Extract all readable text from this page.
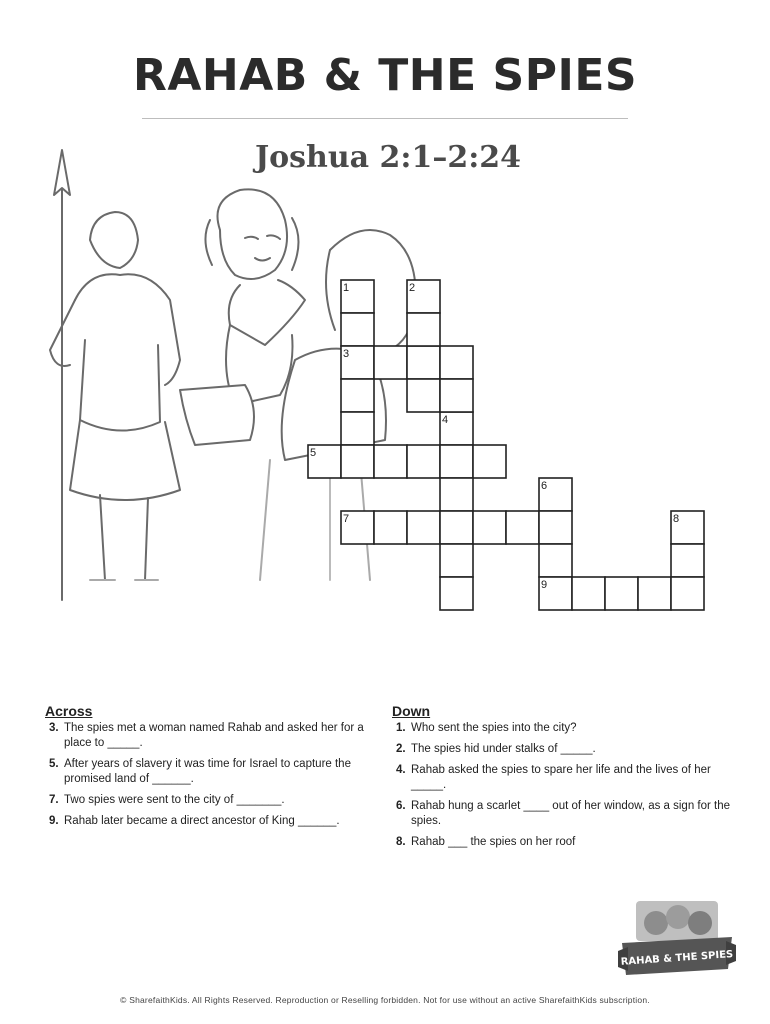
RAHAB & THE SPIES
Joshua 2:1–2:24
1
3
4
5
6
7	8
9
2
Across
3. The spies met a woman named Rahab and asked her for a place to _____.
5. After years of slavery it was time for Israel to capture the promised land of ______.
7. Two spies were sent to the city of _______.
9. Rahab later became a direct ancestor of King ______.
Down
1. Who sent the spies into the city?
2. The spies hid under stalks of _____.
4. Rahab asked the spies to spare her life and the lives of her _____.
6. Rahab hung a scarlet ____ out of her window, as a sign for the spies.
8. Rahab ___ the spies on her roof
RAHAB & THE SPIES
© SharefaithKids. All Rights Reserved. Reproduction or Reselling forbidden. Not for use without an active SharefaithKids subscription.
